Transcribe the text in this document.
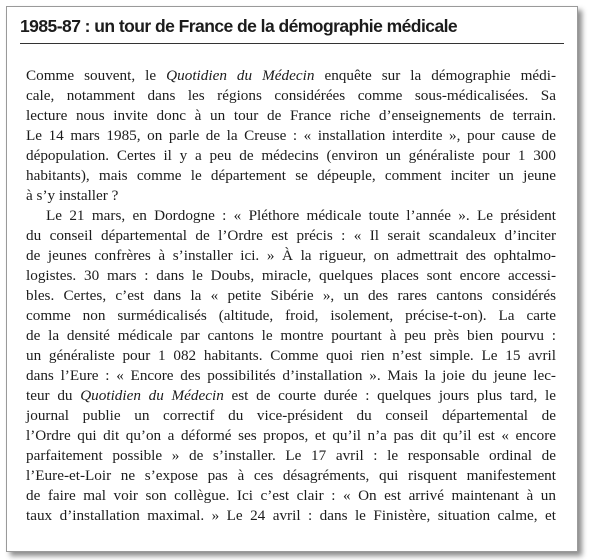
1985-87 : un tour de France de la démographie médicale
Comme souvent, le Quotidien du Médecin enquête sur la démographie médi-
cale, notamment dans les régions considérées comme sous-médicalisées. Sa
lecture nous invite donc à un tour de France riche d’enseignements de terrain.
Le 14 mars 1985, on parle de la Creuse : « installation interdite », pour cause de
dépopulation. Certes il y a peu de médecins (environ un généraliste pour 1 300
habitants), mais comme le département se dépeuple, comment inciter un jeune
à s’y installer ?
Le 21 mars, en Dordogne : « Pléthore médicale toute l’année ». Le président
du conseil départemental de l’Ordre est précis : « Il serait scandaleux d’inciter
de jeunes confrères à s’installer ici. » À la rigueur, on admettrait des ophtalmo-
logistes. 30 mars : dans le Doubs, miracle, quelques places sont encore accessi-
bles. Certes, c’est dans la « petite Sibérie », un des rares cantons considérés
comme non surmédicalisés (altitude, froid, isolement, précise-t-on). La carte
de la densité médicale par cantons le montre pourtant à peu près bien pourvu :
un généraliste pour 1 082 habitants. Comme quoi rien n’est simple. Le 15 avril
dans l’Eure : « Encore des possibilités d’installation ». Mais la joie du jeune lec-
teur du Quotidien du Médecin est de courte durée : quelques jours plus tard, le
journal publie un correctif du vice-président du conseil départemental de
l’Ordre qui dit qu’on a déformé ses propos, et qu’il n’a pas dit qu’il est « encore
parfaitement possible » de s’installer. Le 17 avril : le responsable ordinal de
l’Eure-et-Loir ne s’expose pas à ces désagréments, qui risquent manifestement
de faire mal voir son collègue. Ici c’est clair : « On est arrivé maintenant à un
taux d’installation maximal. » Le 24 avril : dans le Finistère, situation calme, et
